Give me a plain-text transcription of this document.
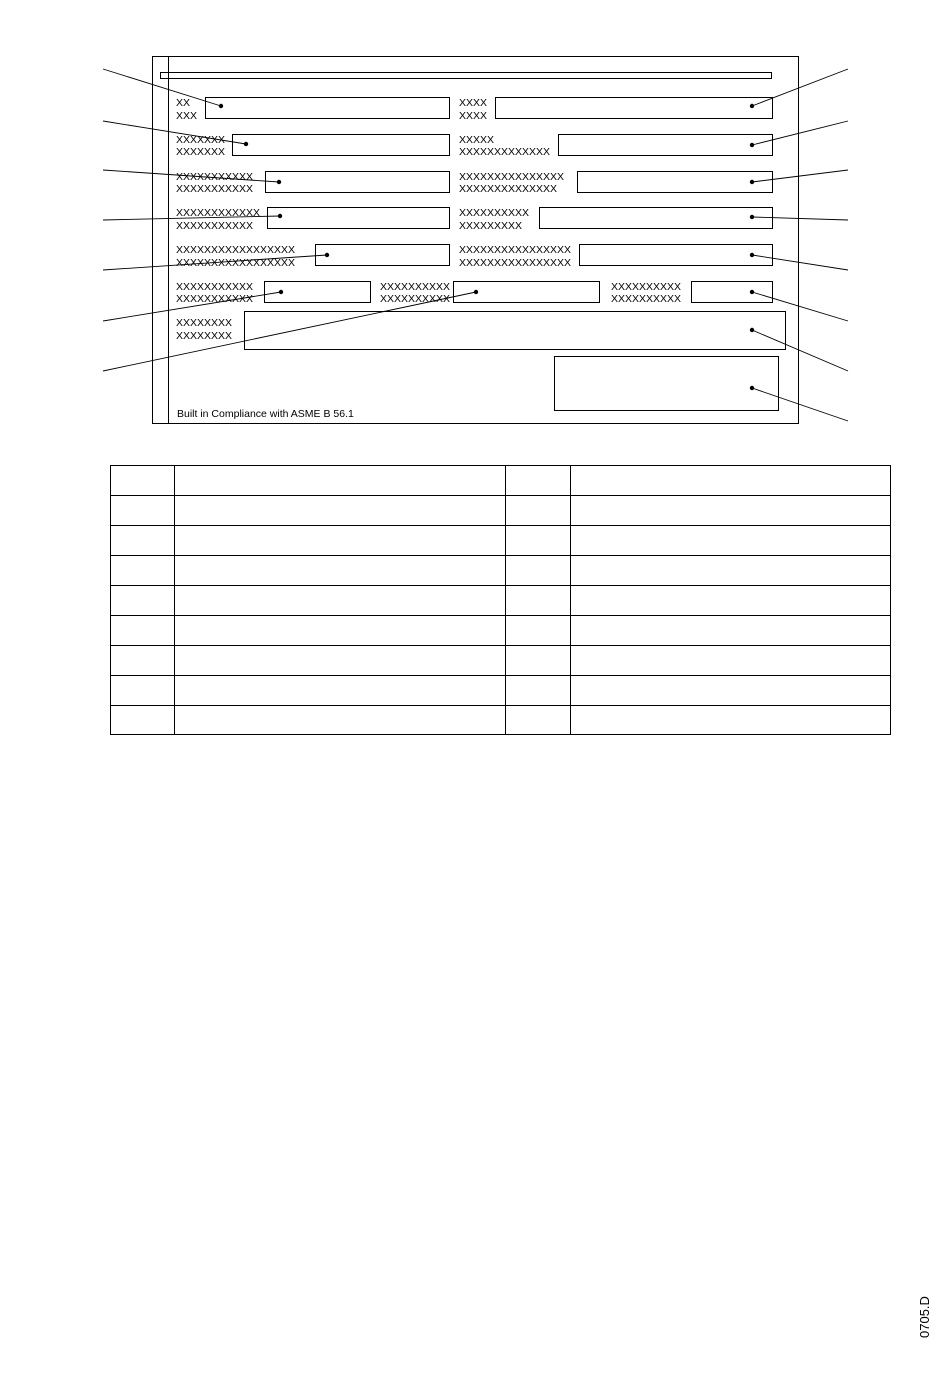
XX
XXX
XXXXXXX
XXXXXXX
XXXXXXXXXXX
XXXXXXXXXXX
XXXXXXXXXXXX
XXXXXXXXXXX
XXXXXXXXXXXXXXXXX
XXXXXXXXXXXXXXXXX
XXXXXXXXXXX
XXXXXXXXXXX
XXXXXXXXXX
XXXXXXXXXX
XXXXXXXX
XXXXXXXX
XXXX
XXXX
XXXXX
XXXXXXXXXXXXX
XXXXXXXXXXXXXXX
XXXXXXXXXXXXXX
XXXXXXXXXX
XXXXXXXXX
XXXXXXXXXXXXXXXX
XXXXXXXXXXXXXXXX
XXXXXXXXXX
XXXXXXXXXX
Built in Compliance with ASME B 56.1
0705.D
